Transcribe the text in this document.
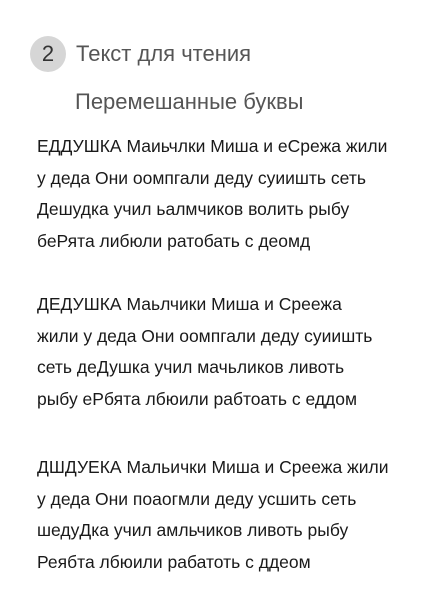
2 Текст для чтения
Перемешанные буквы
ЕДДУШКА Маиьчлки Миша и еСрежа жили
у деда Они оомпгали деду суиишть сеть
Дешудка учил ьалмчиков волить рыбу
беРята либюли ратобать с деомд
ДЕДУШКА Маьлчики Миша и Среежа
жили у деда Они оомпгали деду суиишть
сеть деДушка учил мачьликов ливоть
рыбу еРбята лбюили рабтоать с еддом
ДШДУЕКА Мальички Миша и Среежа жили
у деда Они поаогмли деду усшить сеть
шедуДка учил амльчиков ливоть рыбу
Реябта лбюили рабатоть с ддеом
